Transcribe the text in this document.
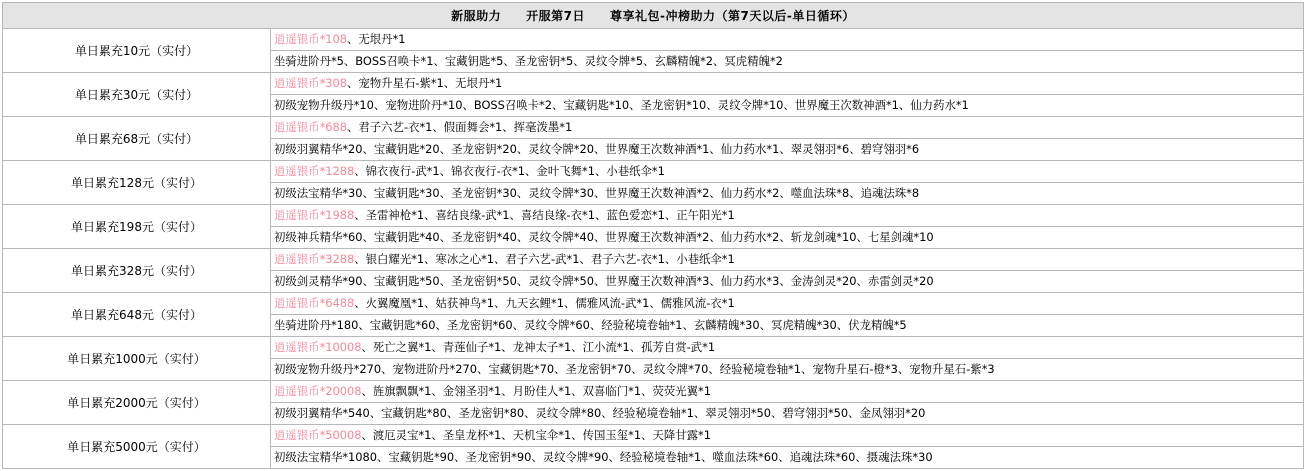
新服助力   开服第7日   尊享礼包-冲榜助力（第7天以后-单日循环）	
单日累充10元（实付）	逍遥银币*108、无垠丹*1
	坐骑进阶丹*5、BOSS召唤卡*1、宝藏钥匙*5、圣龙密钥*5、灵纹令牌*5、玄麟精魄*2、冥虎精魄*2
单日累充30元（实付）	逍遥银币*308、宠物升星石-紫*1、无垠丹*1
	初级宠物升级丹*10、宠物进阶丹*10、BOSS召唤卡*2、宝藏钥匙*10、圣龙密钥*10、灵纹令牌*10、世界魔王次数神酒*1、仙力药水*1
单日累充68元（实付）	逍遥银币*688、君子六艺-衣*1、假面舞会*1、挥毫泼墨*1
	初级羽翼精华*20、宝藏钥匙*20、圣龙密钥*20、灵纹令牌*20、世界魔王次数神酒*1、仙力药水*1、翠灵翎羽*6、碧穹翎羽*6
单日累充128元（实付）	逍遥银币*1288、锦衣夜行-武*1、锦衣夜行-衣*1、金叶飞舞*1、小巷纸伞*1
	初级法宝精华*30、宝藏钥匙*30、圣龙密钥*30、灵纹令牌*30、世界魔王次数神酒*2、仙力药水*2、噬血法珠*8、追魂法珠*8
单日累充198元（实付）	逍遥银币*1988、圣雷神枪*1、喜结良缘-武*1、喜结良缘-衣*1、蓝色爱恋*1、正午阳光*1
	初级神兵精华*60、宝藏钥匙*40、圣龙密钥*40、灵纹令牌*40、世界魔王次数神酒*2、仙力药水*2、斩龙剑魂*10、七星剑魂*10
单日累充328元（实付）	逍遥银币*3288、银白耀光*1、寒冰之心*1、君子六艺-武*1、君子六艺-衣*1、小巷纸伞*1
	初级剑灵精华*90、宝藏钥匙*50、圣龙密钥*50、灵纹令牌*50、世界魔王次数神酒*3、仙力药水*3、金涛剑灵*20、赤雷剑灵*20
单日累充648元（实付）	逍遥银币*6488、火翼魔凰*1、姑获神鸟*1、九天玄鲤*1、儒雅风流-武*1、儒雅风流-衣*1
	坐骑进阶丹*180、宝藏钥匙*60、圣龙密钥*60、灵纹令牌*60、经验秘境卷轴*1、玄麟精魄*30、冥虎精魄*30、伏龙精魄*5
单日累充1000元（实付）	逍遥银币*10008、死亡之翼*1、青莲仙子*1、龙神太子*1、江小流*1、孤芳自赏-武*1
	初级宠物升级丹*270、宠物进阶丹*270、宝藏钥匙*70、圣龙密钥*70、灵纹令牌*70、经验秘境卷轴*1、宠物升星石-橙*3、宠物升星石-紫*3
单日累充2000元（实付）	逍遥银币*20008、旌旗飘飘*1、金翎圣羽*1、月盼佳人*1、双喜临门*1、荧荧光翼*1
	初级羽翼精华*540、宝藏钥匙*80、圣龙密钥*80、灵纹令牌*80、经验秘境卷轴*1、翠灵翎羽*50、碧穹翎羽*50、金凤翎羽*20
单日累充5000元（实付）	逍遥银币*50008、渡厄灵宝*1、圣皇龙杯*1、天机宝伞*1、传国玉玺*1、天降甘露*1
	初级法宝精华*1080、宝藏钥匙*90、圣龙密钥*90、灵纹令牌*90、经验秘境卷轴*1、噬血法珠*60、追魂法珠*60、摄魂法珠*30
